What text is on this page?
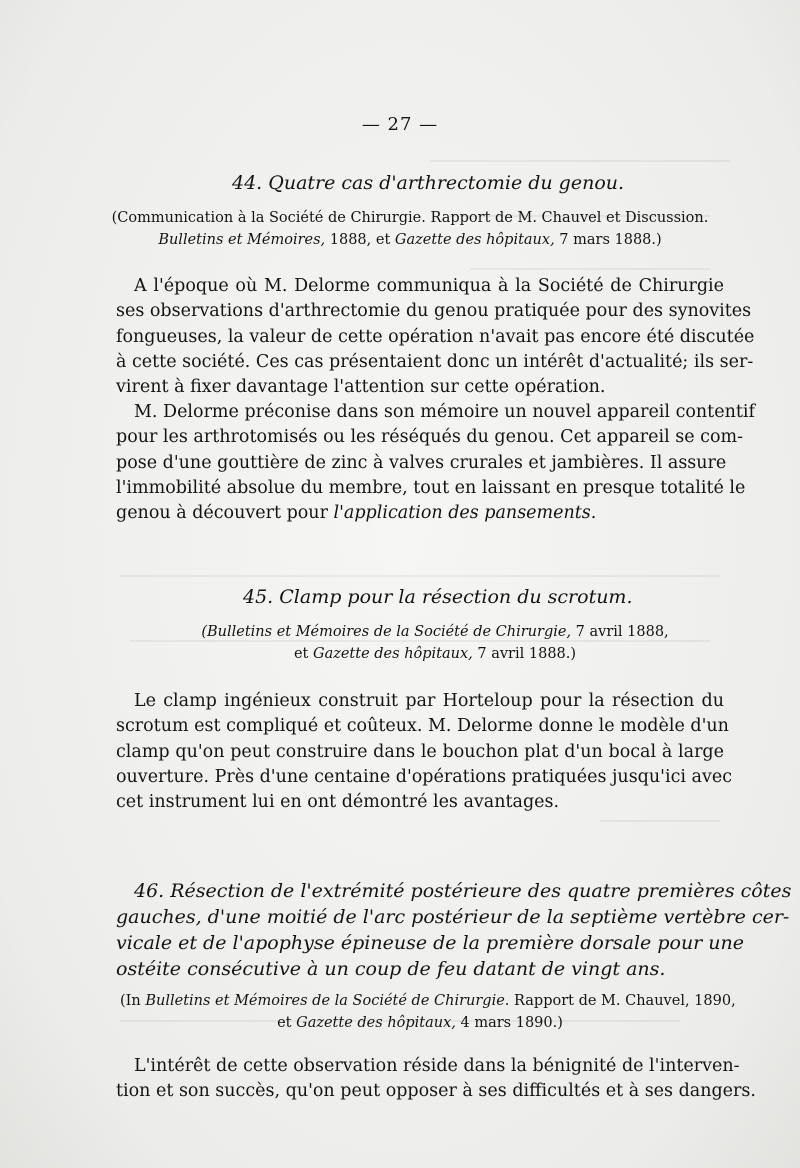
— 27 —
44. Quatre cas d'arthrectomie du genou.
(Communication à la Société de Chirurgie. Rapport de M. Chauvel et Discussion.
Bulletins et Mémoires, 1888, et Gazette des hôpitaux, 7 mars 1888.)
A l'époque où M. Delorme communiqua à la Société de Chirurgie
ses observations d'arthrectomie du genou pratiquée pour des synovites
fongueuses, la valeur de cette opération n'avait pas encore été discutée
à cette société. Ces cas présentaient donc un intérêt d'actualité; ils ser-
virent à fixer davantage l'attention sur cette opération.
M. Delorme préconise dans son mémoire un nouvel appareil contentif
pour les arthrotomisés ou les réséqués du genou. Cet appareil se com-
pose d'une gouttière de zinc à valves crurales et jambières. Il assure
l'immobilité absolue du membre, tout en laissant en presque totalité le
genou à découvert pour l'application des pansements.
45. Clamp pour la résection du scrotum.
(Bulletins et Mémoires de la Société de Chirurgie, 7 avril 1888,
et Gazette des hôpitaux, 7 avril 1888.)
Le clamp ingénieux construit par Horteloup pour la résection du
scrotum est compliqué et coûteux. M. Delorme donne le modèle d'un
clamp qu'on peut construire dans le bouchon plat d'un bocal à large
ouverture. Près d'une centaine d'opérations pratiquées jusqu'ici avec
cet instrument lui en ont démontré les avantages.
46. Résection de l'extrémité postérieure des quatre premières côtes
gauches, d'une moitié de l'arc postérieur de la septième vertèbre cer-
vicale et de l'apophyse épineuse de la première dorsale pour une
ostéite consécutive à un coup de feu datant de vingt ans.
(In Bulletins et Mémoires de la Société de Chirurgie. Rapport de M. Chauvel, 1890,
et Gazette des hôpitaux, 4 mars 1890.)
L'intérêt de cette observation réside dans la bénignité de l'interven-
tion et son succès, qu'on peut opposer à ses difficultés et à ses dangers.
